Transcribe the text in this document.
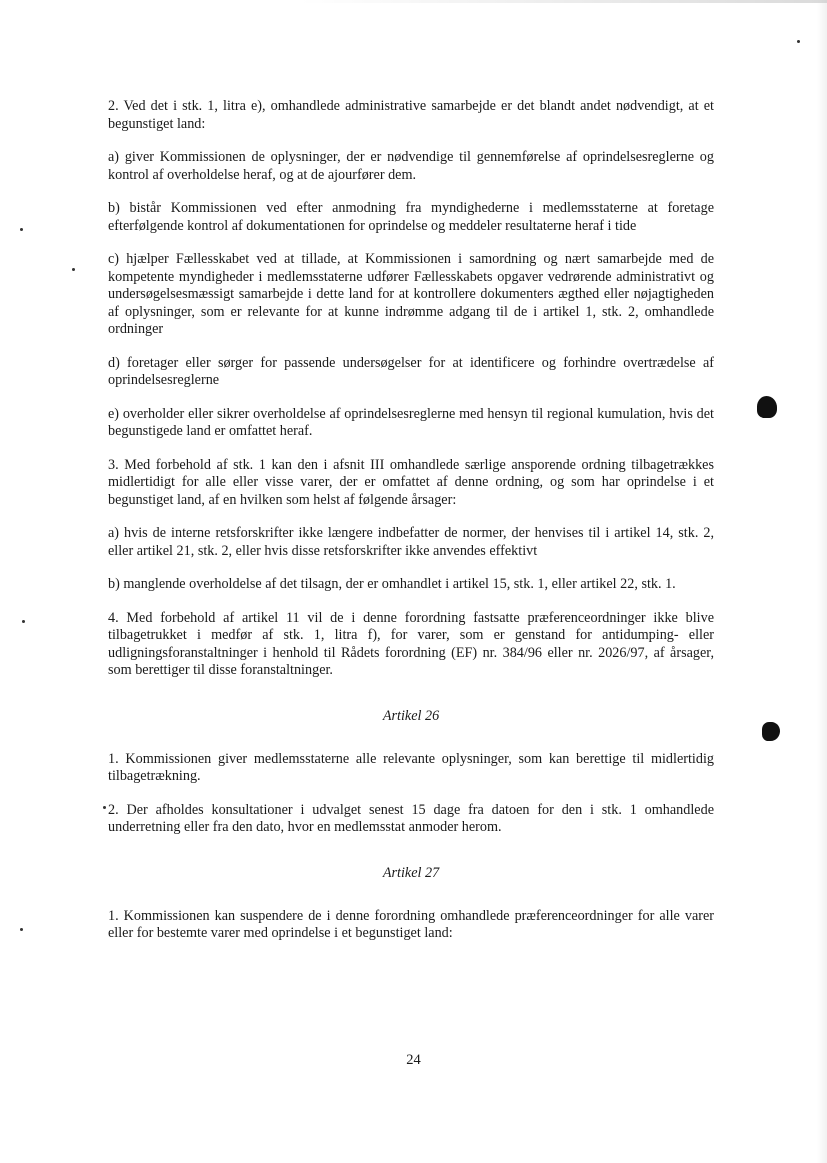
2. Ved det i stk. 1, litra e), omhandlede administrative samarbejde er det blandt andet nødvendigt, at et begunstiget land:

a) giver Kommissionen de oplysninger, der er nødvendige til gennemførelse af oprindelsesreglerne og kontrol af overholdelse heraf, og at de ajourfører dem.

b) bistår Kommissionen ved efter anmodning fra myndighederne i medlemsstaterne at foretage efterfølgende kontrol af dokumentationen for oprindelse og meddeler resultaterne heraf i tide

c) hjælper Fællesskabet ved at tillade, at Kommissionen i samordning og nært samarbejde med de kompetente myndigheder i medlemsstaterne udfører Fællesskabets opgaver vedrørende administrativt og undersøgelsesmæssigt samarbejde i dette land for at kontrollere dokumenters ægthed eller nøjagtigheden af oplysninger, som er relevante for at kunne indrømme adgang til de i artikel 1, stk. 2, omhandlede ordninger

d) foretager eller sørger for passende undersøgelser for at identificere og forhindre overtrædelse af oprindelsesreglerne

e) overholder eller sikrer overholdelse af oprindelsesreglerne med hensyn til regional kumulation, hvis det begunstigede land er omfattet heraf.

3. Med forbehold af stk. 1 kan den i afsnit III omhandlede særlige ansporende ordning tilbagetrækkes midlertidigt for alle eller visse varer, der er omfattet af denne ordning, og som har oprindelse i et begunstiget land, af en hvilken som helst af følgende årsager:

a) hvis de interne retsforskrifter ikke længere indbefatter de normer, der henvises til i artikel 14, stk. 2, eller artikel 21, stk. 2, eller hvis disse retsforskrifter ikke anvendes effektivt

b) manglende overholdelse af det tilsagn, der er omhandlet i artikel 15, stk. 1, eller artikel 22, stk. 1.

4. Med forbehold af artikel 11 vil de i denne forordning fastsatte præferenceordninger ikke blive tilbagetrukket i medfør af stk. 1, litra f), for varer, som er genstand for antidumping- eller udligningsforanstaltninger i henhold til Rådets forordning (EF) nr. 384/96 eller nr. 2026/97, af årsager, som berettiger til disse foranstaltninger.

Artikel 26

1. Kommissionen giver medlemsstaterne alle relevante oplysninger, som kan berettige til midlertidig tilbagetrækning.

2. Der afholdes konsultationer i udvalget senest 15 dage fra datoen for den i stk. 1 omhandlede underretning eller fra den dato, hvor en medlemsstat anmoder herom.

Artikel 27

1. Kommissionen kan suspendere de i denne forordning omhandlede præferenceordninger for alle varer eller for bestemte varer med oprindelse i et begunstiget land:

24
